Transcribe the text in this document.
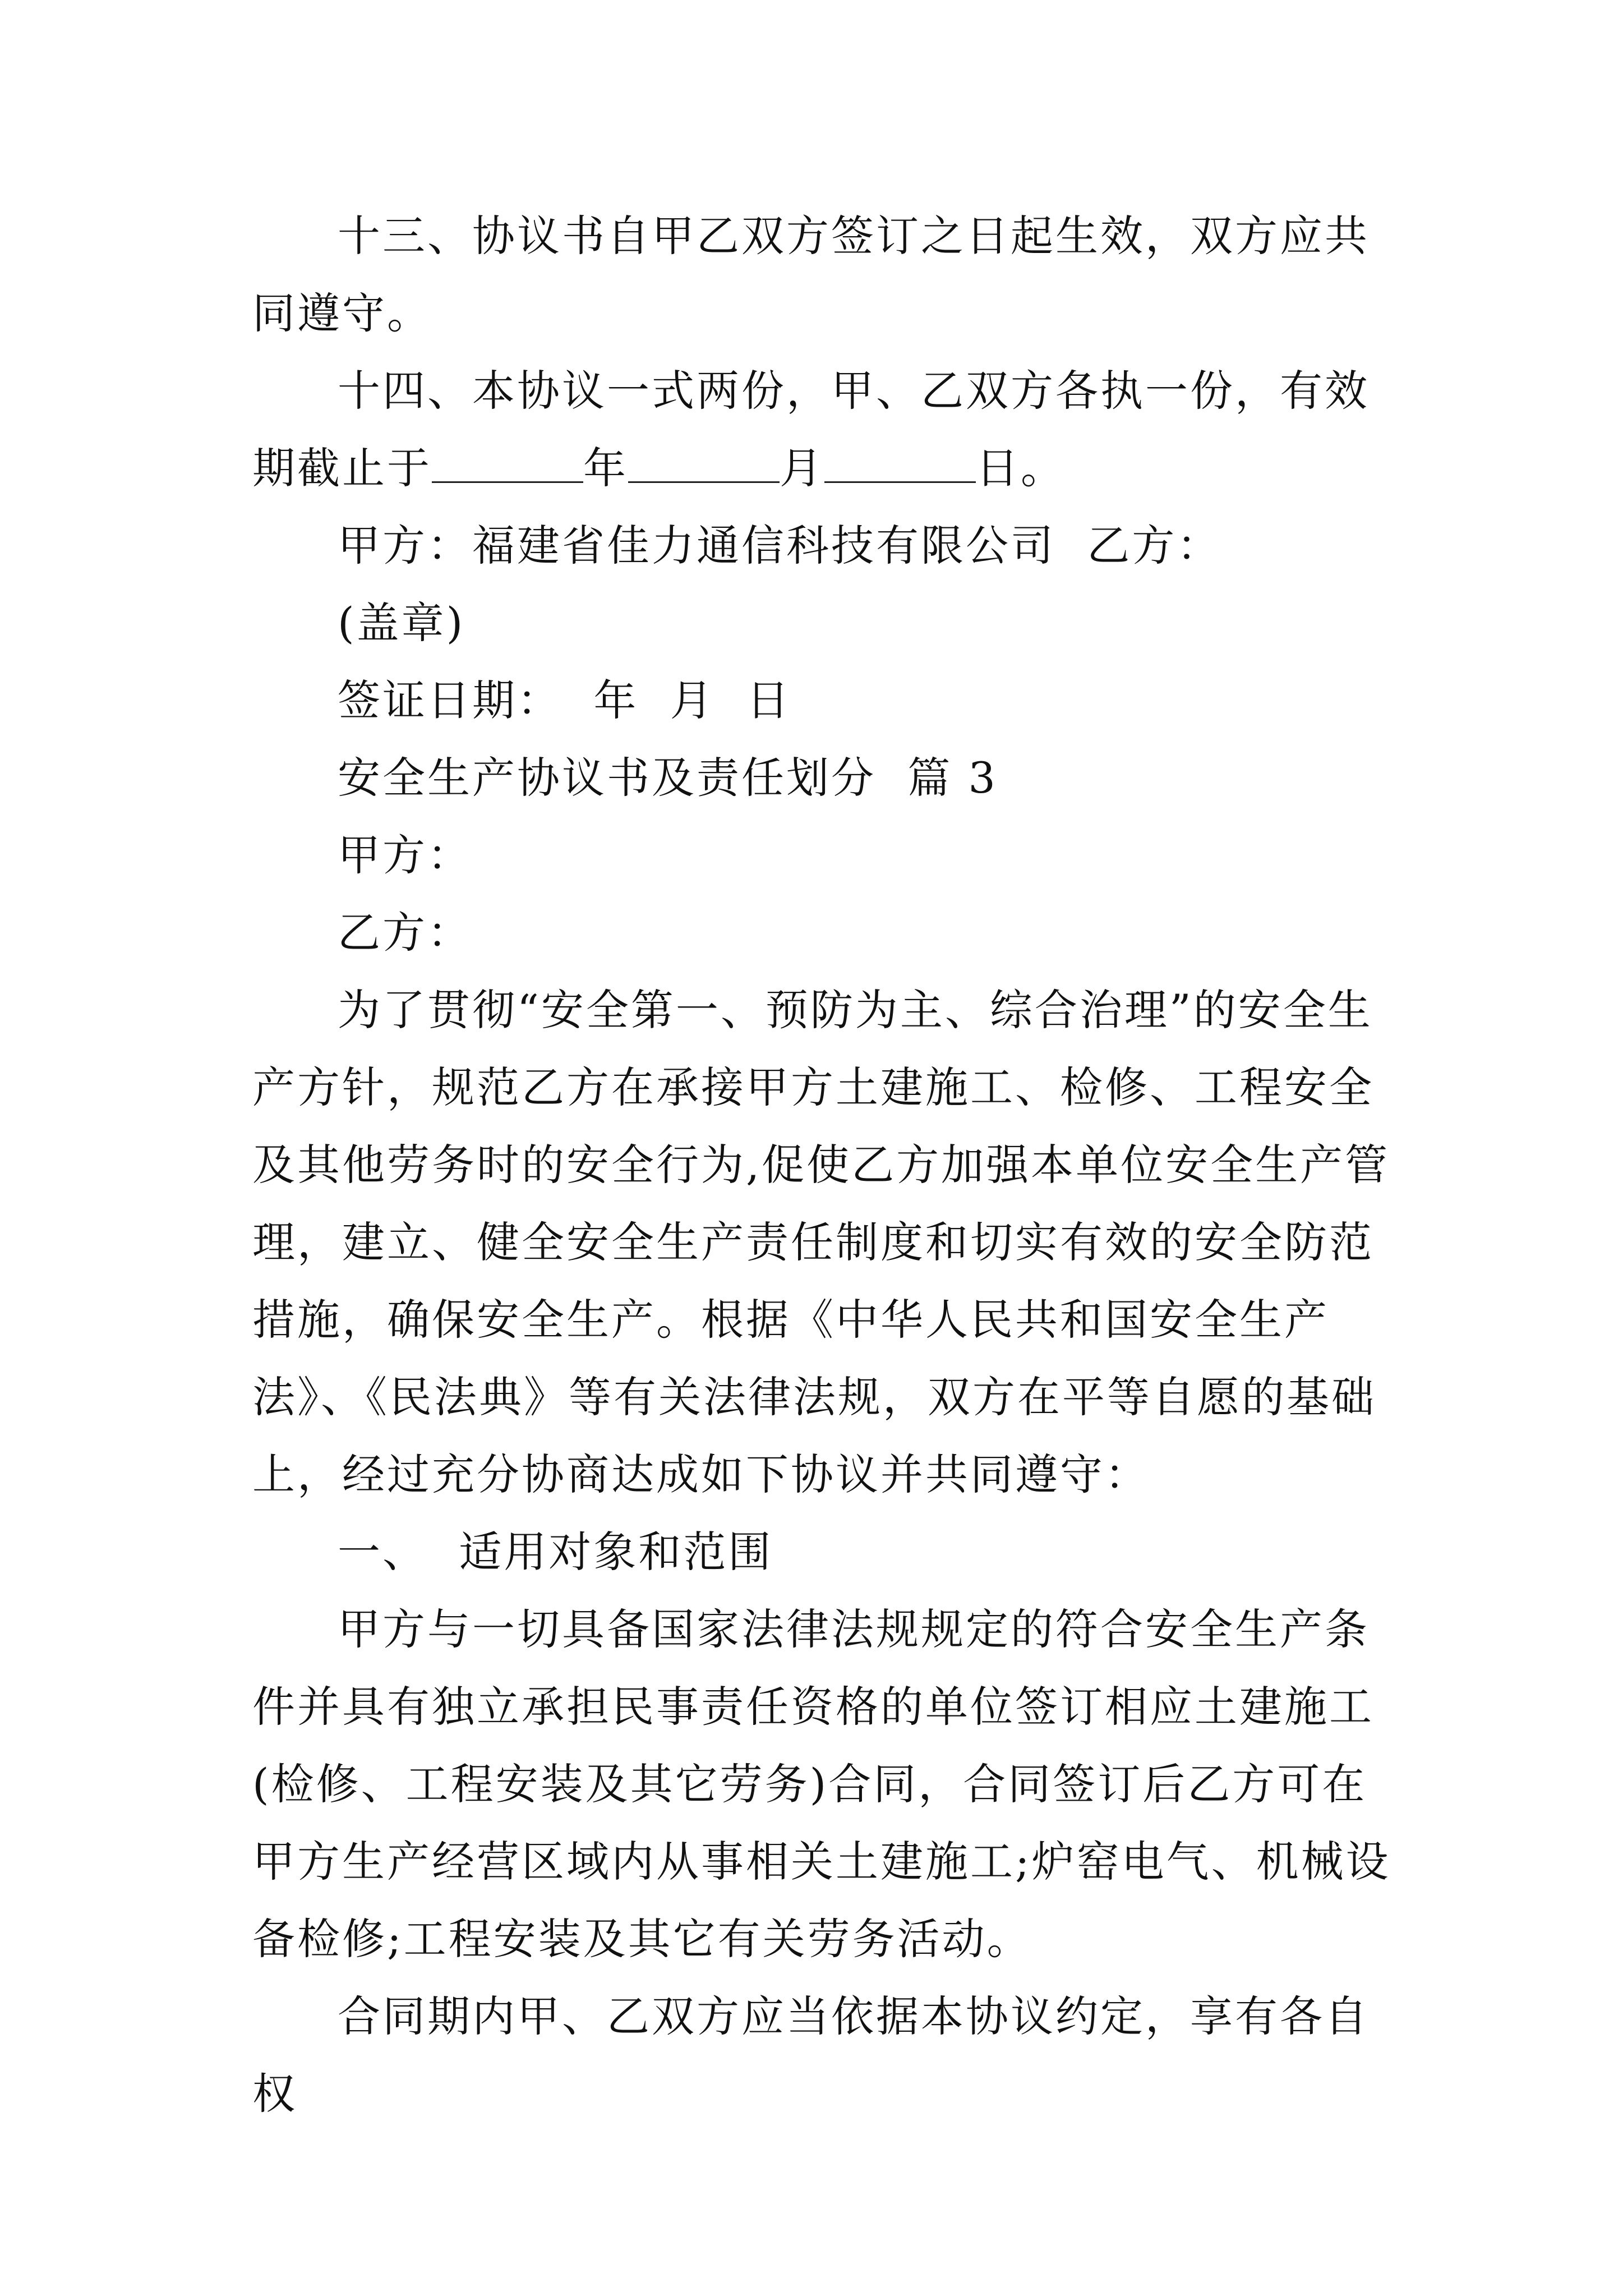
十三、协议书自甲乙双方签订之日起生效，双方应共同遵守。

十四、本协议一式两份，甲、乙双方各执一份，有效期截止于	年	月	日。

甲方：福建省佳力通信科技有限公司  乙方：

(盖章)

签证日期：  年  月  日

安全生产协议书及责任划分  篇 3

甲方：

乙方：

为了贯彻“安全第一、预防为主、综合治理”的安全生产方针，规范乙方在承接甲方土建施工、检修、工程安全及其他劳务时的安全行为,促使乙方加强本单位安全生产管理，建立、健全安全生产责任制度和切实有效的安全防范措施，确保安全生产。根据《中华人民共和国安全生产法》、《民法典》等有关法律法规，双方在平等自愿的基础上，经过充分协商达成如下协议并共同遵守：

一、  适用对象和范围

甲方与一切具备国家法律法规规定的符合安全生产条件并具有独立承担民事责任资格的单位签订相应土建施工(检修、工程安装及其它劳务)合同，合同签订后乙方可在甲方生产经营区域内从事相关土建施工;炉窑电气、机械设备检修;工程安装及其它有关劳务活动。

合同期内甲、乙双方应当依据本协议约定，享有各自权
